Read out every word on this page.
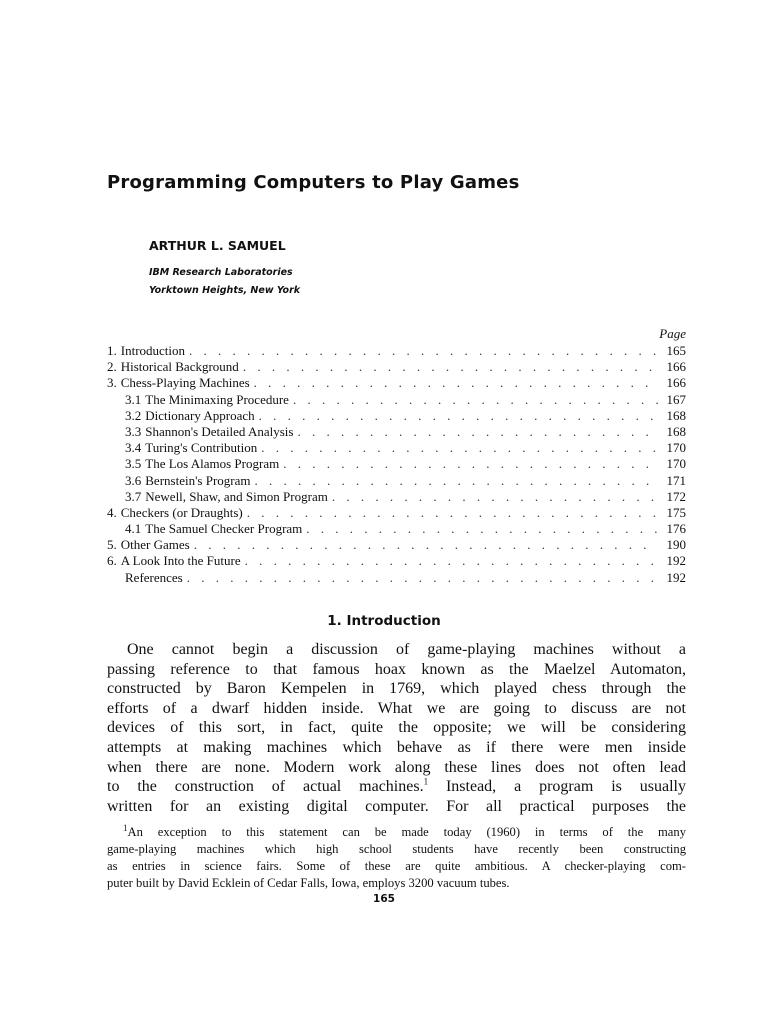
Programming Computers to Play Games
ARTHUR L. SAMUEL
IBM Research Laboratories
Yorktown Heights, New York
Page
1. Introduction . . .	165
2. Historical Background . . .	166
3. Chess-Playing Machines . . .	166
3.1 The Minimaxing Procedure . . .	167
3.2 Dictionary Approach . . .	168
3.3 Shannon's Detailed Analysis . . .	168
3.4 Turing's Contribution . . .	170
3.5 The Los Alamos Program . . .	170
3.6 Bernstein's Program . . .	171
3.7 Newell, Shaw, and Simon Program . . .	172
4. Checkers (or Draughts) . . .	175
4.1 The Samuel Checker Program . . .	176
5. Other Games . . .	190
6. A Look Into the Future . . .	192
References . . .	192
1. Introduction
One cannot begin a discussion of game-playing machines without a
passing reference to that famous hoax known as the Maelzel Automaton,
constructed by Baron Kempelen in 1769, which played chess through the
efforts of a dwarf hidden inside. What we are going to discuss are not
devices of this sort, in fact, quite the opposite; we will be considering
attempts at making machines which behave as if there were men inside
when there are none. Modern work along these lines does not often lead
to the construction of actual machines.$^1$ Instead, a program is usually
written for an existing digital computer. For all practical purposes the
$^1$An exception to this statement can be made today (1960) in terms of the many
game-playing machines which high school students have recently been constructing
as entries in science fairs. Some of these are quite ambitious. A checker-playing com-
puter built by David Ecklein of Cedar Falls, Iowa, employs 3200 vacuum tubes.
165
